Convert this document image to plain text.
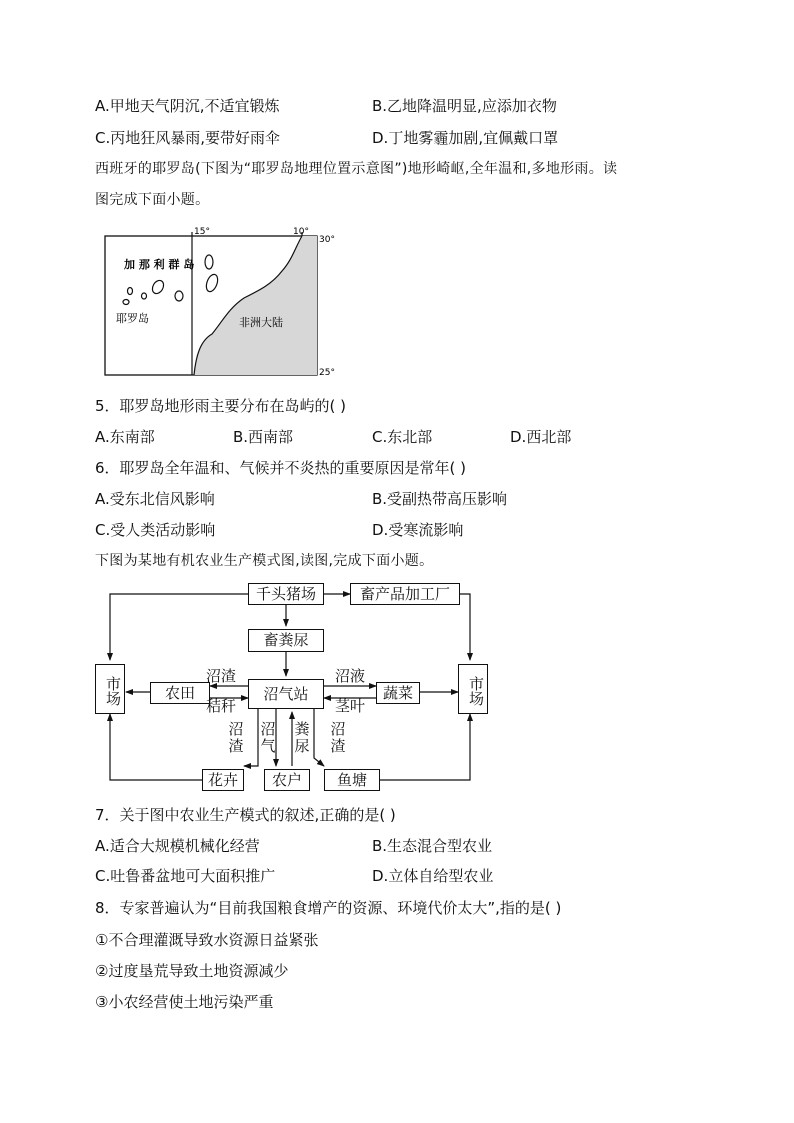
A.甲地天气阴沉,不适宜锻炼	B.乙地降温明显,应添加衣物
C.丙地狂风暴雨,要带好雨伞	D.丁地雾霾加剧,宜佩戴口罩
西班牙的耶罗岛(下图为“耶罗岛地理位置示意图”)地形崎岖,全年温和,多地形雨。读
图完成下面小题。
15°	10°
30°
25°
加 那 利 群 岛
耶罗岛	非洲大陆
5．耶罗岛地形雨主要分布在岛屿的( )
A.东南部	B.西南部	C.东北部	D.西北部
6．耶罗岛全年温和、气候并不炎热的重要原因是常年( )
A.受东北信风影响	B.受副热带高压影响
C.受人类活动影响	D.受寒流影响
下图为某地有机农业生产模式图,读图,完成下面小题。
千头猪场	畜产品加工厂
畜粪尿
市场	市场
农田	沼气站	蔬菜
花卉	农户	鱼塘
沼渣
秸秆
沼液
茎叶
沼渣
沼气
粪尿
沼渣
7．关于图中农业生产模式的叙述,正确的是( )
A.适合大规模机械化经营	B.生态混合型农业
C.吐鲁番盆地可大面积推广	D.立体自给型农业
8．专家普遍认为“目前我国粮食增产的资源、环境代价太大”,指的是( )
①不合理灌溉导致水资源日益紧张
②过度垦荒导致土地资源减少
③小农经营使土地污染严重
